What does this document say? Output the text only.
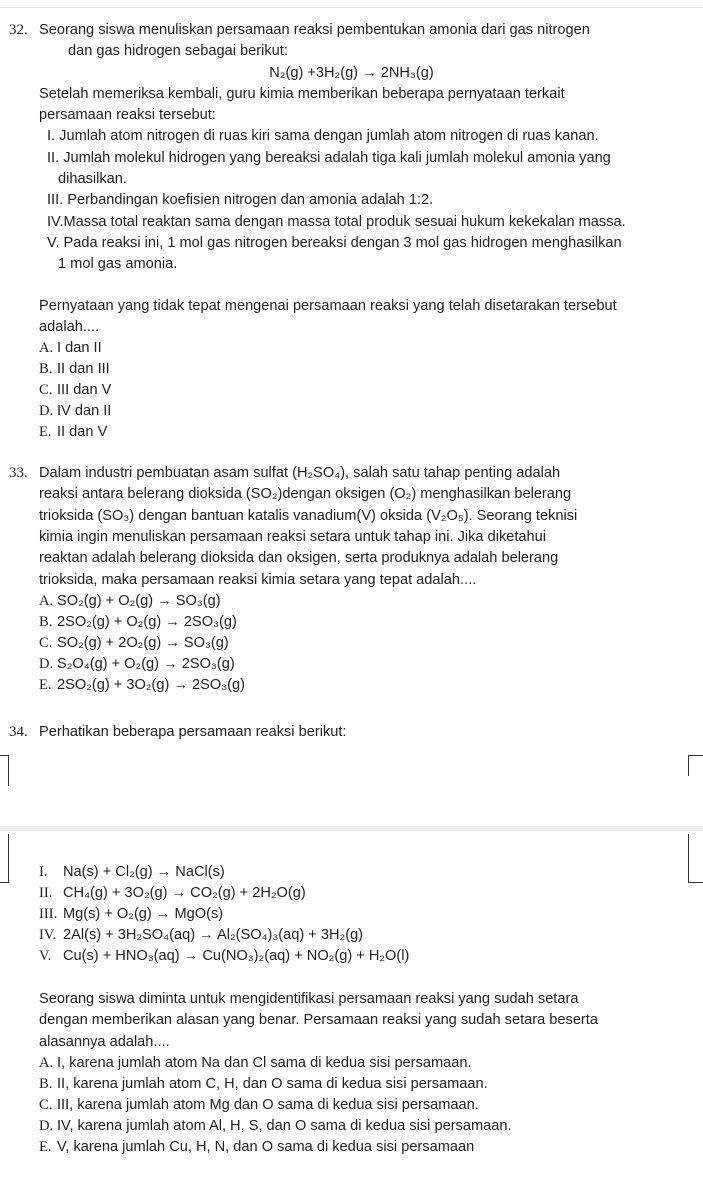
32. Seorang siswa menuliskan persamaan reaksi pembentukan amonia dari gas nitrogen
dan gas hidrogen sebagai berikut:
N₂(g) +3H₂(g) → 2NH₃(g)
Setelah memeriksa kembali, guru kimia memberikan beberapa pernyataan terkait
persamaan reaksi tersebut:
I. Jumlah atom nitrogen di ruas kiri sama dengan jumlah atom nitrogen di ruas kanan.
II. Jumlah molekul hidrogen yang bereaksi adalah tiga kali jumlah molekul amonia yang
dihasilkan.
III. Perbandingan koefisien nitrogen dan amonia adalah 1:2.
IV.Massa total reaktan sama dengan massa total produk sesuai hukum kekekalan massa.
V. Pada reaksi ini, 1 mol gas nitrogen bereaksi dengan 3 mol gas hidrogen menghasilkan
1 mol gas amonia.
Pernyataan yang tidak tepat mengenai persamaan reaksi yang telah disetarakan tersebut
adalah....
A. I dan II
B. II dan III
C. III dan V
D. IV dan II
E. II dan V
33. Dalam industri pembuatan asam sulfat (H₂SO₄), salah satu tahap penting adalah
reaksi antara belerang dioksida (SO₂)dengan oksigen (O₂) menghasilkan belerang
trioksida (SO₃) dengan bantuan katalis vanadium(V) oksida (V₂O₅). Seorang teknisi
kimia ingin menuliskan persamaan reaksi setara untuk tahap ini. Jika diketahui
reaktan adalah belerang dioksida dan oksigen, serta produknya adalah belerang
trioksida, maka persamaan reaksi kimia setara yang tepat adalah....
A. SO₂(g) + O₂(g) → SO₃(g)
B. 2SO₂(g) + O₂(g) → 2SO₃(g)
C. SO₂(g) + 2O₂(g) → SO₃(g)
D. S₂O₄(g) + O₂(g) → 2SO₃(g)
E. 2SO₂(g) + 3O₂(g) → 2SO₃(g)
34. Perhatikan beberapa persamaan reaksi berikut:
I. Na(s) + Cl₂(g) → NaCl(s)
II. CH₄(g) + 3O₂(g) → CO₂(g) + 2H₂O(g)
III. Mg(s) + O₂(g) → MgO(s)
IV. 2Al(s) + 3H₂SO₄(aq) → Al₂(SO₄)₃(aq) + 3H₂(g)
V. Cu(s) + HNO₃(aq) → Cu(NO₃)₂(aq) + NO₂(g) + H₂O(l)
Seorang siswa diminta untuk mengidentifikasi persamaan reaksi yang sudah setara
dengan memberikan alasan yang benar. Persamaan reaksi yang sudah setara beserta
alasannya adalah....
A. I, karena jumlah atom Na dan Cl sama di kedua sisi persamaan.
B. II, karena jumlah atom C, H, dan O sama di kedua sisi persamaan.
C. III, karena jumlah atom Mg dan O sama di kedua sisi persamaan.
D. IV, karena jumlah atom Al, H, S, dan O sama di kedua sisi persamaan.
E. V, karena jumlah Cu, H, N, dan O sama di kedua sisi persamaan
